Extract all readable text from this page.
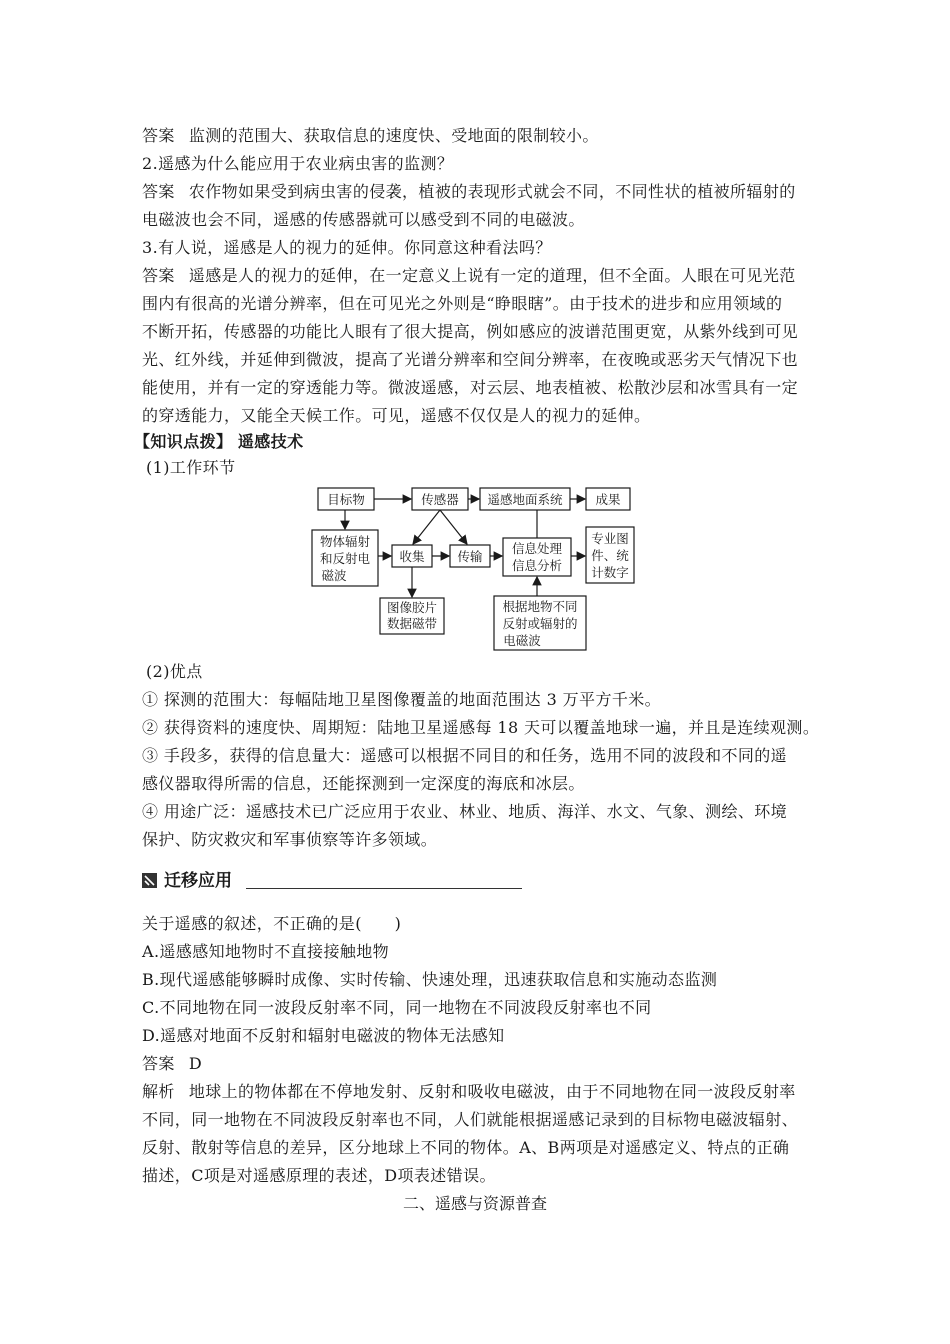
答案 监测的范围大、获取信息的速度快、受地面的限制较小。
2.遥感为什么能应用于农业病虫害的监测？
答案 农作物如果受到病虫害的侵袭，植被的表现形式就会不同，不同性状的植被所辐射的
电磁波也会不同，遥感的传感器就可以感受到不同的电磁波。
3.有人说，遥感是人的视力的延伸。你同意这种看法吗？
答案 遥感是人的视力的延伸，在一定意义上说有一定的道理，但不全面。人眼在可见光范
围内有很高的光谱分辨率，但在可见光之外则是“睁眼瞎”。由于技术的进步和应用领域的
不断开拓，传感器的功能比人眼有了很大提高，例如感应的波谱范围更宽，从紫外线到可见
光、红外线，并延伸到微波，提高了光谱分辨率和空间分辨率，在夜晚或恶劣天气情况下也
能使用，并有一定的穿透能力等。微波遥感，对云层、地表植被、松散沙层和冰雪具有一定
的穿透能力，又能全天候工作。可见，遥感不仅仅是人的视力的延伸。
【知识点拨】 遥感技术
(1)工作环节
目标物	传感器 遥感地面系统	成果
物体辐射
和反射电
磁波
收集	传输
信息处理
信息分析
专业图
件、统
计数字
图像胶片
数据磁带
根据地物不同
反射或辐射的
电磁波
(2)优点
① 探测的范围大：每幅陆地卫星图像覆盖的地面范围达 3 万平方千米。
② 获得资料的速度快、周期短：陆地卫星遥感每 18 天可以覆盖地球一遍，并且是连续观测。
③ 手段多，获得的信息量大：遥感可以根据不同目的和任务，选用不同的波段和不同的遥
感仪器取得所需的信息，还能探测到一定深度的海底和冰层。
④ 用途广泛：遥感技术已广泛应用于农业、林业、地质、海洋、水文、气象、测绘、环境
保护、防灾救灾和军事侦察等许多领域。
迁移应用
关于遥感的叙述，不正确的是(　　)
A.遥感感知地物时不直接接触地物
B.现代遥感能够瞬时成像、实时传输、快速处理，迅速获取信息和实施动态监测
C.不同地物在同一波段反射率不同，同一地物在不同波段反射率也不同
D.遥感对地面不反射和辐射电磁波的物体无法感知
答案 D
解析 地球上的物体都在不停地发射、反射和吸收电磁波，由于不同地物在同一波段反射率
不同，同一地物在不同波段反射率也不同，人们就能根据遥感记录到的目标物电磁波辐射、
反射、散射等信息的差异，区分地球上不同的物体。A、B两项是对遥感定义、特点的正确
描述，C项是对遥感原理的表述，D项表述错误。
二、遥感与资源普查
